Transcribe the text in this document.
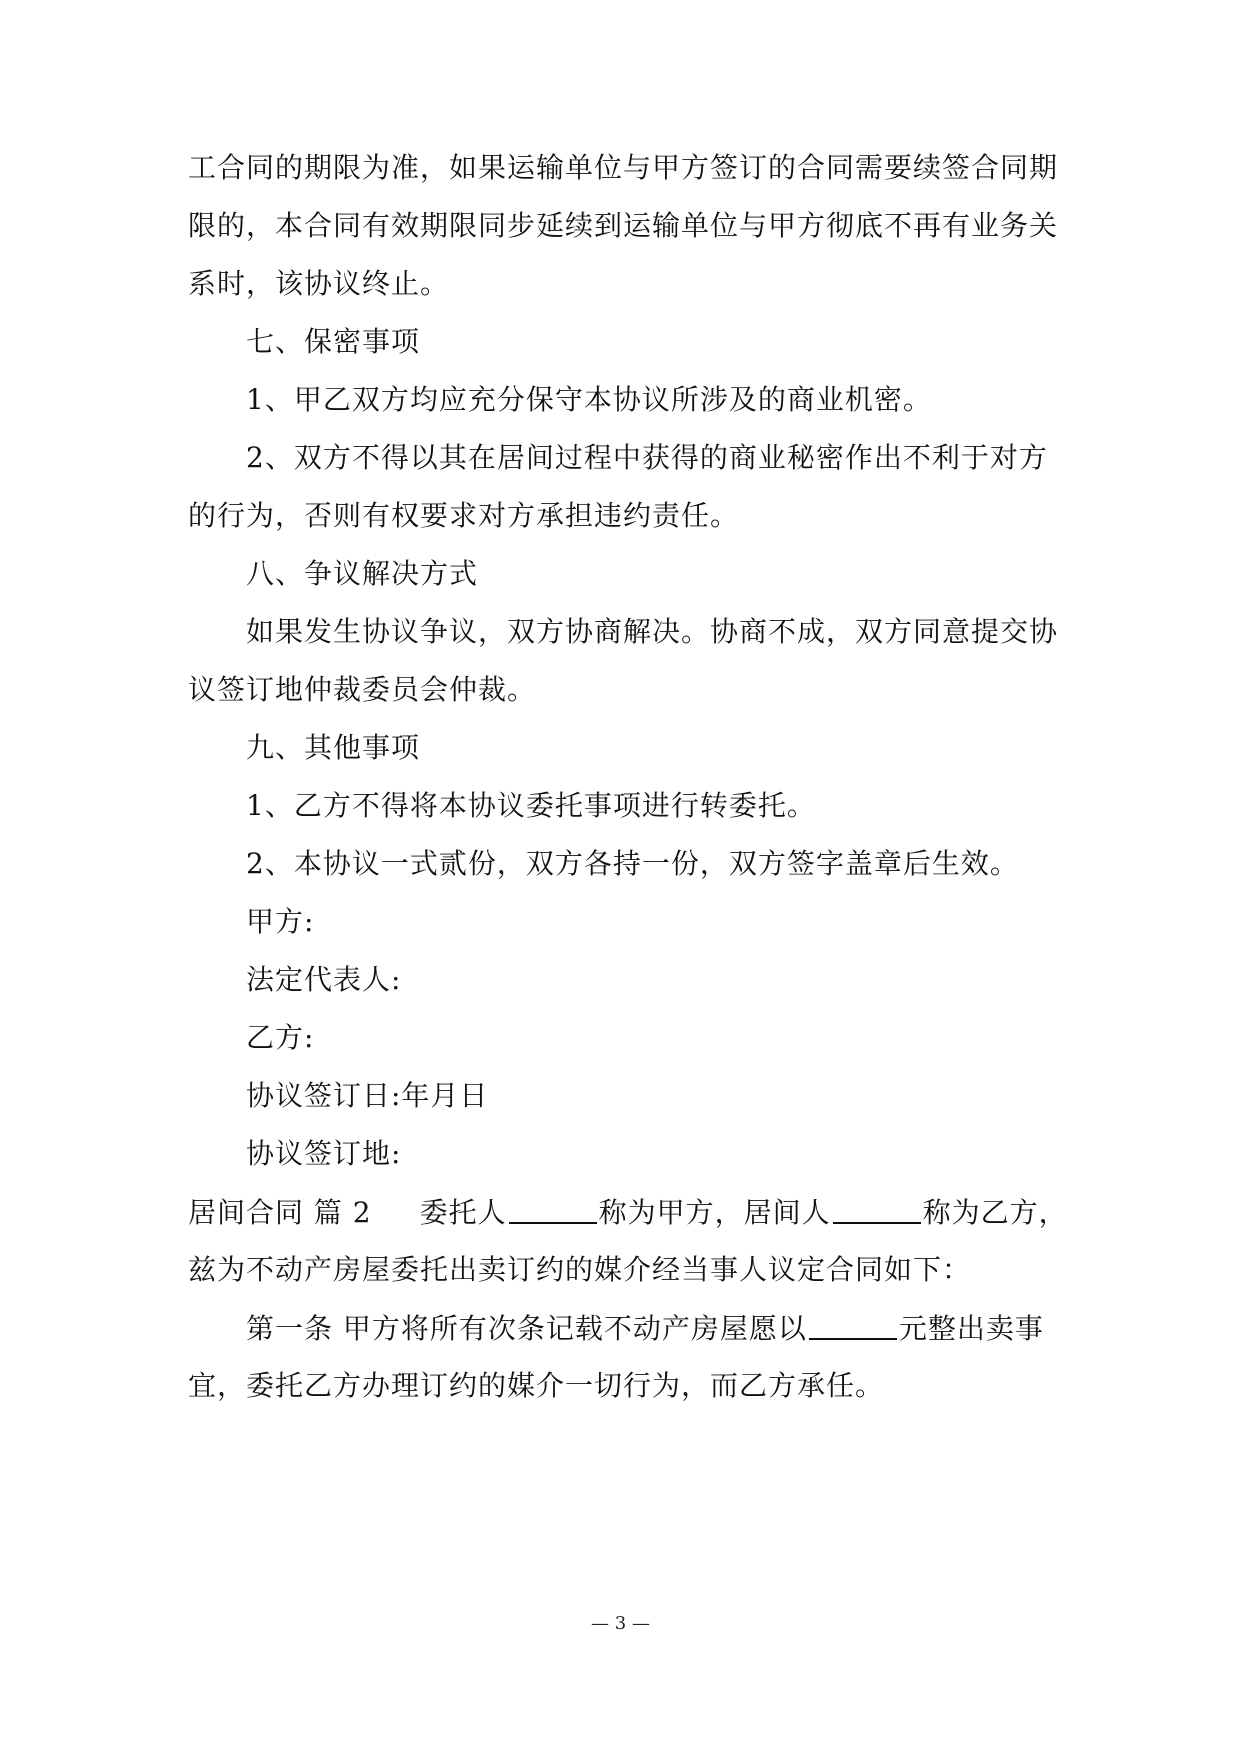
工合同的期限为准，如果运输单位与甲方签订的合同需要续签合同期
限的，本合同有效期限同步延续到运输单位与甲方彻底不再有业务关
系时，该协议终止。
七、保密事项
1、甲乙双方均应充分保守本协议所涉及的商业机密。
2、双方不得以其在居间过程中获得的商业秘密作出不利于对方
的行为，否则有权要求对方承担违约责任。
八、争议解决方式
如果发生协议争议，双方协商解决。协商不成，双方同意提交协
议签订地仲裁委员会仲裁。
九、其他事项
1、乙方不得将本协议委托事项进行转委托。
2、本协议一式贰份，双方各持一份，双方签字盖章后生效。
甲方:
法定代表人:
乙方:
协议签订日:年月日
协议签订地:
居间合同 篇 2 委托人	称为甲方，居间人	称为乙方，
兹为不动产房屋委托出卖订约的媒介经当事人议定合同如下：
第一条 甲方将所有次条记载不动产房屋愿以	元整出卖事
宜，委托乙方办理订约的媒介一切行为，而乙方承任。
— 3 —
